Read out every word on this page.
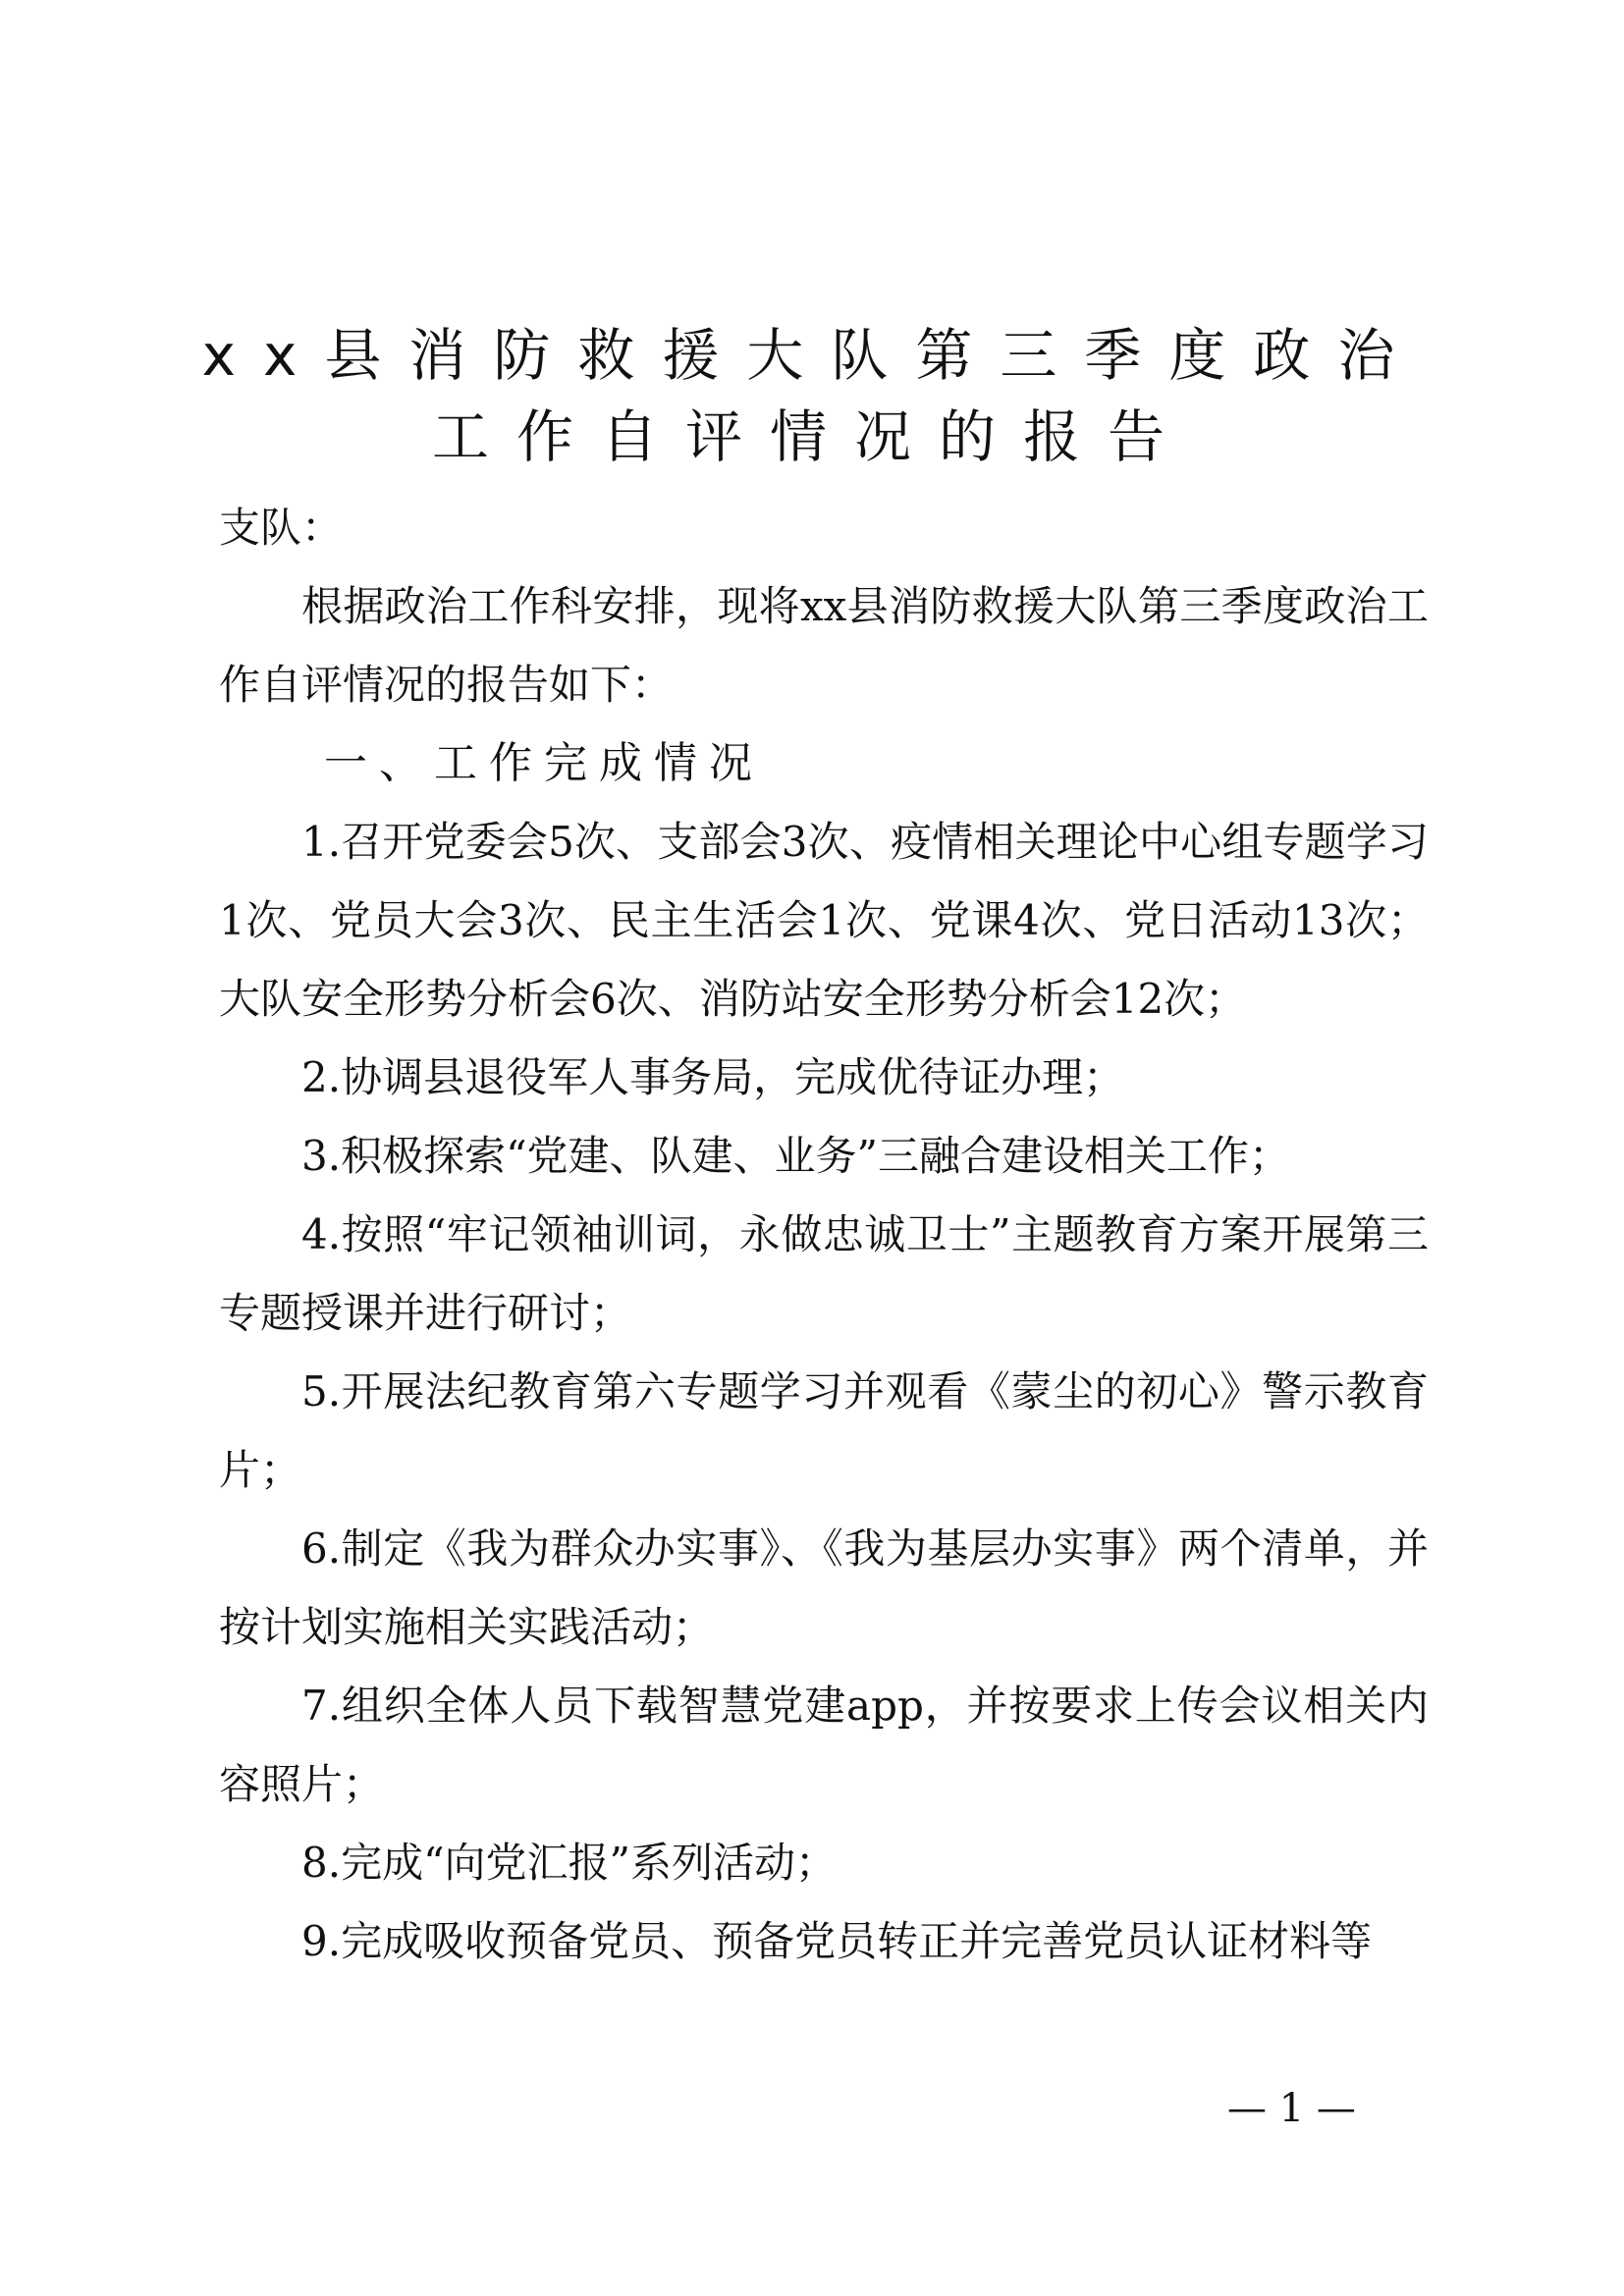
xx县消防救援大队第三季度政治
工作自评情况的报告
支队：
根据政治工作科安排，现将xx县消防救援大队第三季度政治工作自评情况的报告如下：
一、工作完成情况
1.召开党委会5次、支部会3次、疫情相关理论中心组专题学习1次、党员大会3次、民主生活会1次、党课4次、党日活动13次；大队安全形势分析会6次、消防站安全形势分析会12次；
2.协调县退役军人事务局，完成优待证办理；
3.积极探索“党建、队建、业务”三融合建设相关工作；
4.按照“牢记领袖训词，永做忠诚卫士”主题教育方案开展第三专题授课并进行研讨；
5.开展法纪教育第六专题学习并观看《蒙尘的初心》警示教育片；
6.制定《我为群众办实事》、《我为基层办实事》两个清单，并按计划实施相关实践活动；
7.组织全体人员下载智慧党建app，并按要求上传会议相关内容照片；
8.完成“向党汇报”系列活动；
9.完成吸收预备党员、预备党员转正并完善党员认证材料等
— 1 —
